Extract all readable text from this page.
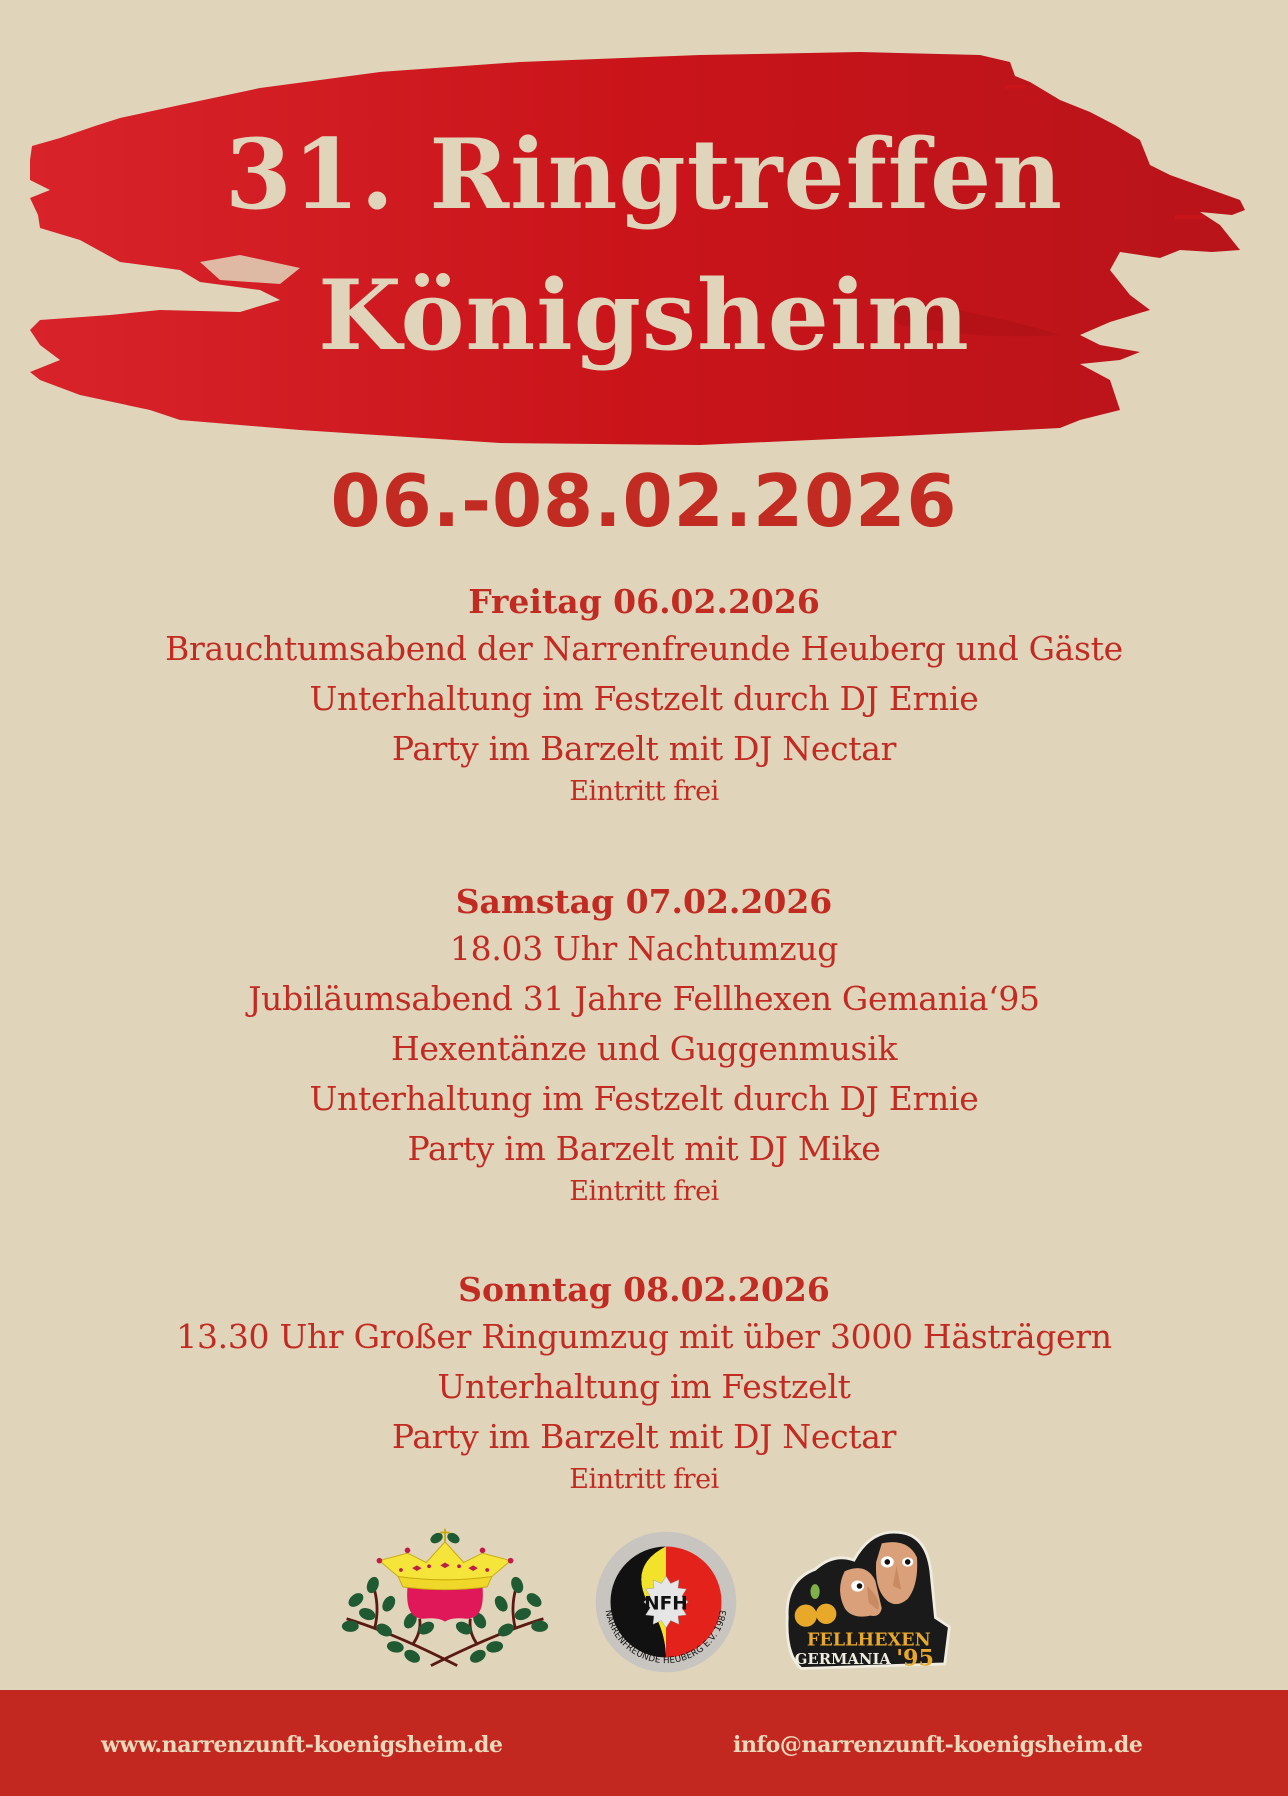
31. Ringtreffen
Königsheim
06.-08.02.2026
Freitag 06.02.2026
Brauchtumsabend der Narrenfreunde Heuberg und Gäste
Unterhaltung im Festzelt durch DJ Ernie
Party im Barzelt mit DJ Nectar
Eintritt frei
Samstag 07.02.2026
18.03 Uhr Nachtumzug
Jubiläumsabend 31 Jahre Fellhexen Gemania‘95
Hexentänze und Guggenmusik
Unterhaltung im Festzelt durch DJ Ernie
Party im Barzelt mit DJ Mike
Eintritt frei
Sonntag 08.02.2026
13.30 Uhr Großer Ringumzug mit über 3000 Hästrägern
Unterhaltung im Festzelt
Party im Barzelt mit DJ Nectar
Eintritt frei
NFH
NARRENFREUNDE HEUBERG E.V. 1983
FELLHEXEN
GERMANIA '95
www.narrenzunft-koenigsheim.de	info@narrenzunft-koenigsheim.de
